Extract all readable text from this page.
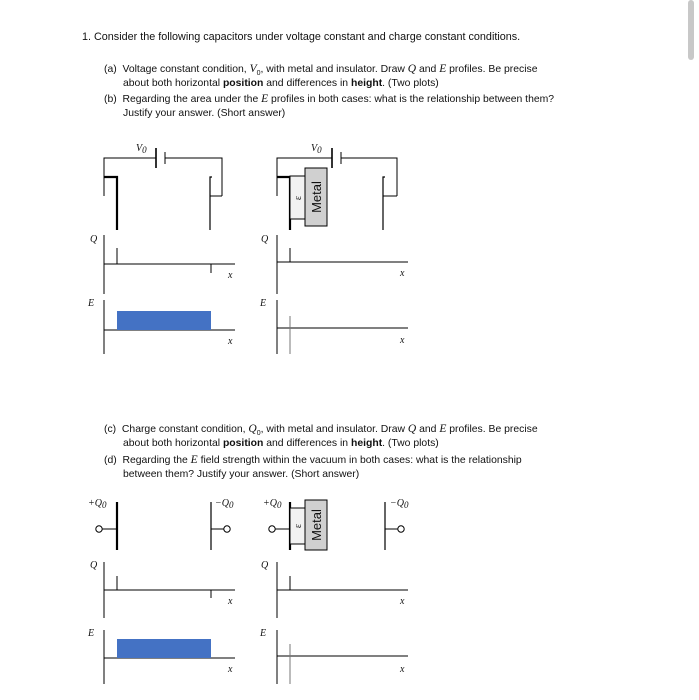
1. Consider the following capacitors under voltage constant and charge constant conditions.
(a) Voltage constant condition, $V_0$, with metal and insulator. Draw Q and E profiles. Be precise
about both horizontal position and differences in height. (Two plots)
(b) Regarding the area under the E profiles in both cases: what is the relationship between them?
Justify your answer. (Short answer)
(c) Charge constant condition, $Q_0$, with metal and insulator. Draw Q and E profiles. Be precise
about both horizontal position and differences in height. (Two plots)
(d) Regarding the E field strength within the vacuum in both cases: what is the relationship
between them? Justify your answer. (Short answer)
V0
Q
x
E
x
ε Metal
V0
Q
x
E
x
+Q0	−Q0
Q
x
E
x
+Q0
ε Metal
−Q0
Q
x
E
x
